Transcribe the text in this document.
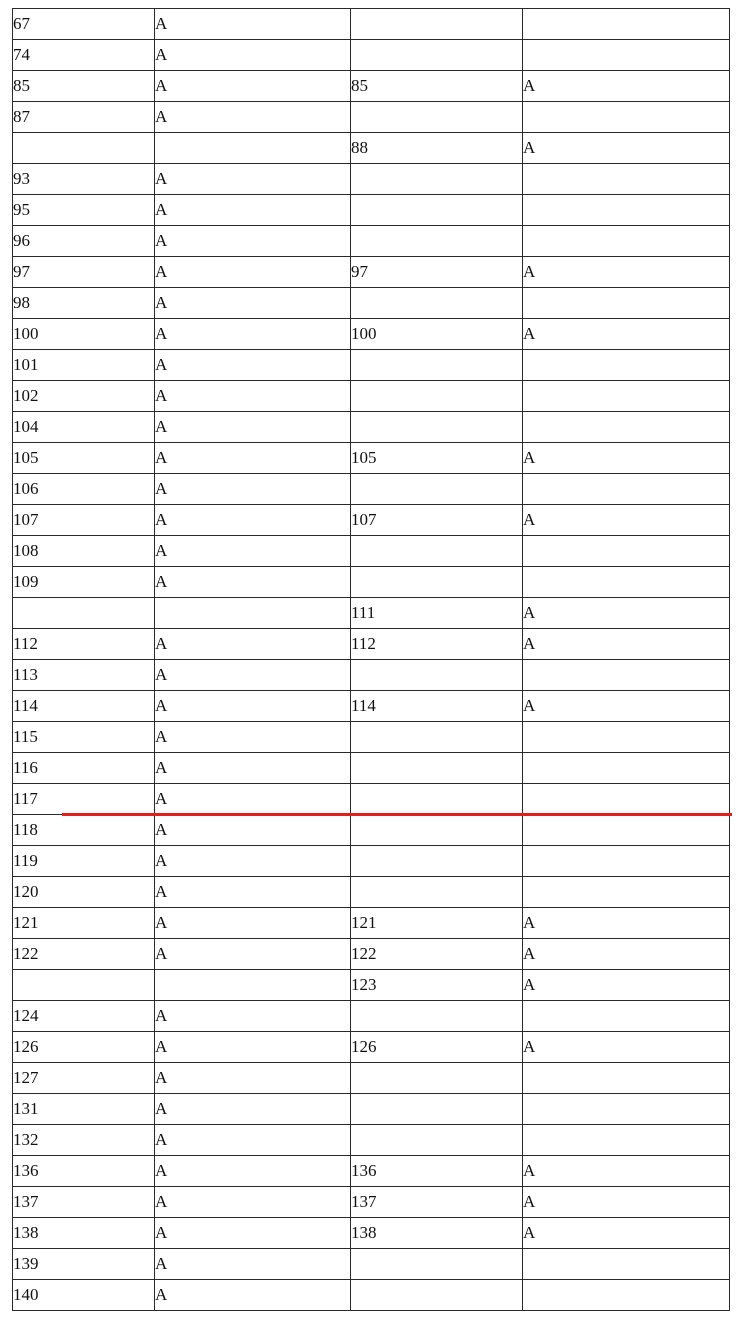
67	A		
74	A		
85	A	85	A
87	A		
		88	A
93	A		
95	A		
96	A		
97	A	97	A
98	A		
100	A	100	A
101	A		
102	A		
104	A		
105	A	105	A
106	A		
107	A	107	A
108	A		
109	A		
		111	A
112	A	112	A
113	A		
114	A	114	A
115	A		
116	A		
117	A		
118	A		
119	A		
120	A		
121	A	121	A
122	A	122	A
		123	A
124	A		
126	A	126	A
127	A		
131	A		
132	A		
136	A	136	A
137	A	137	A
138	A	138	A
139	A		
140	A		
